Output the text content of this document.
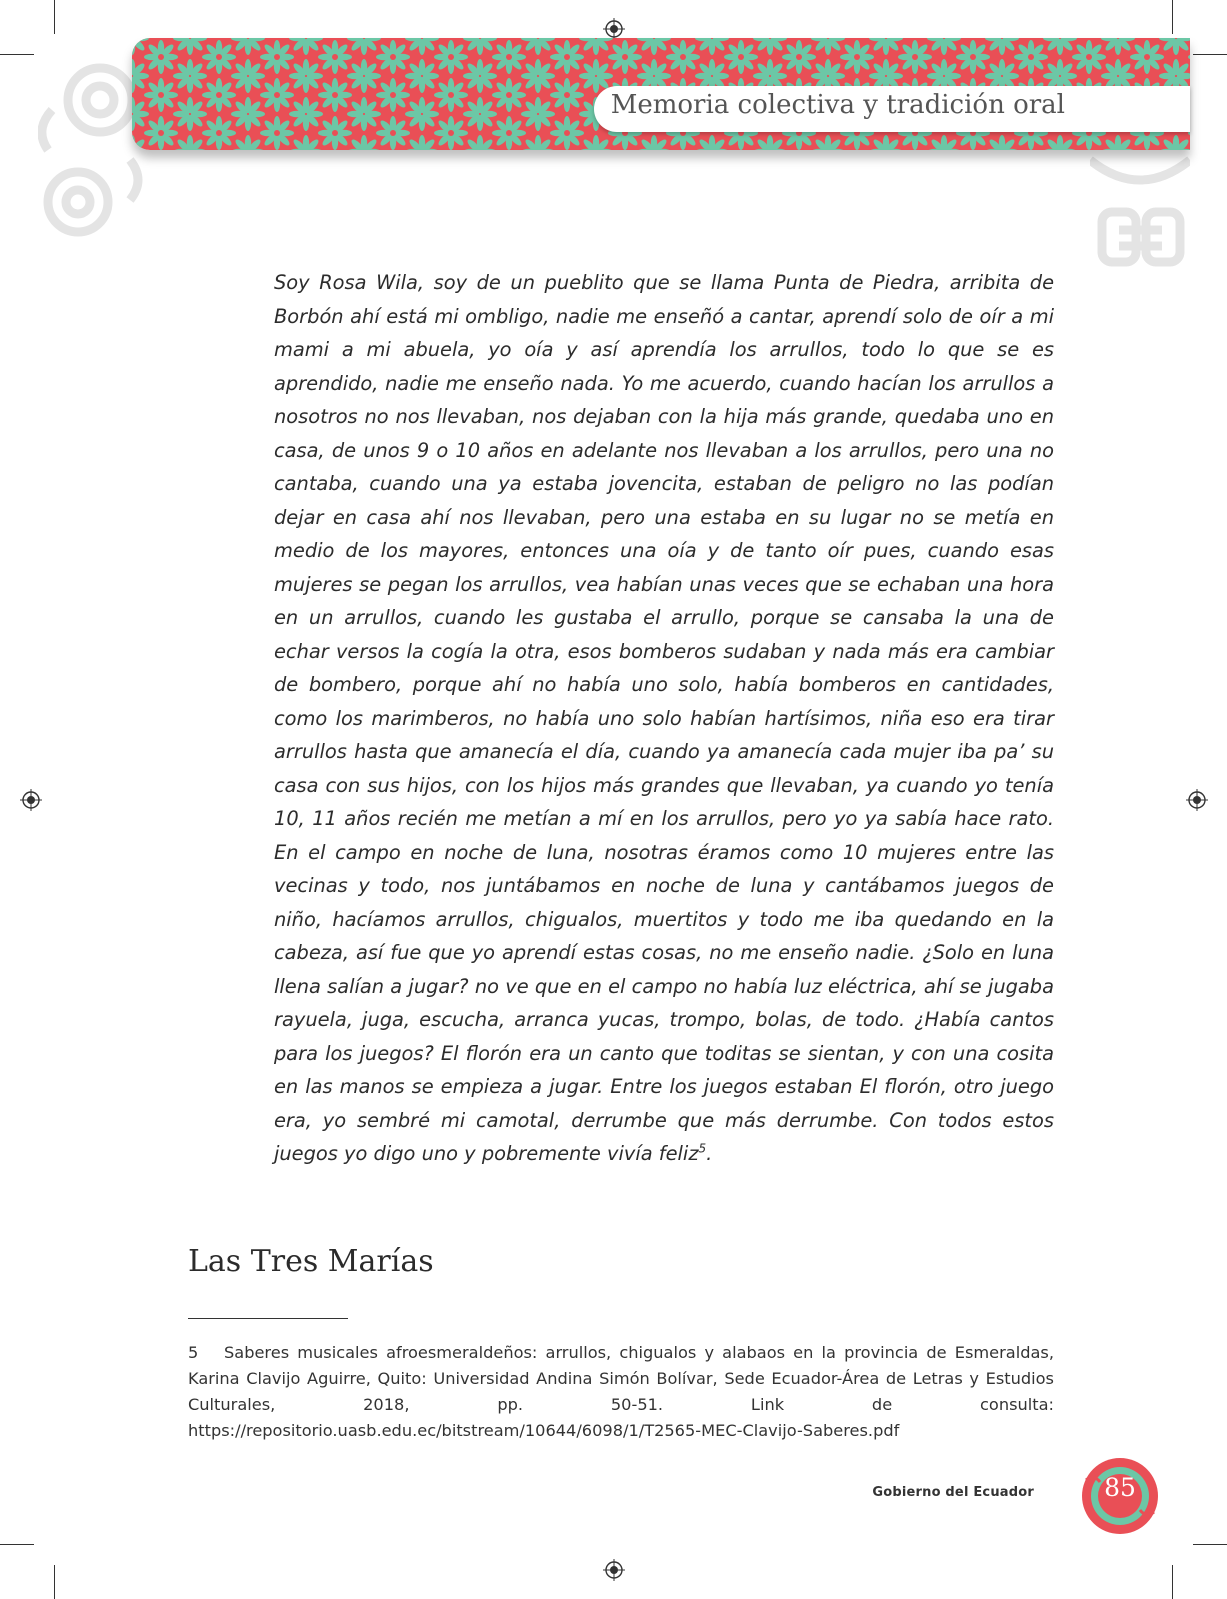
Memoria colectiva y tradición oral

Soy Rosa Wila, soy de un pueblito que se llama Punta de Piedra, arribita de Borbón ahí está mi ombligo, nadie me enseñó a cantar, aprendí solo de oír a mi mami a mi abuela, yo oía y así aprendía los arrullos, todo lo que se es aprendido, nadie me enseño nada. Yo me acuerdo, cuando hacían los arrullos a nosotros no nos llevaban, nos dejaban con la hija más grande, quedaba uno en casa, de unos 9 o 10 años en adelante nos llevaban a los arrullos, pero una no cantaba, cuando una ya estaba jovencita, estaban de peligro no las podían dejar en casa ahí nos llevaban, pero una estaba en su lugar no se metía en medio de los mayores, entonces una oía y de tanto oír pues, cuando esas mujeres se pegan los arrullos, vea habían unas veces que se echaban una hora en un arrullos, cuando les gustaba el arrullo, porque se cansaba la una de echar versos la cogía la otra, esos bomberos sudaban y nada más era cambiar de bombero, porque ahí no había uno solo, había bomberos en cantidades, como los marimberos, no había uno solo habían hartísimos, niña eso era tirar arrullos hasta que amanecía el día, cuando ya amanecía cada mujer iba pa’ su casa con sus hijos, con los hijos más grandes que llevaban, ya cuando yo tenía 10, 11 años recién me metían a mí en los arrullos, pero yo ya sabía hace rato. En el campo en noche de luna, nosotras éramos como 10 mujeres entre las vecinas y todo, nos juntábamos en noche de luna y cantábamos juegos de niño, hacíamos arrullos, chigualos, muertitos y todo me iba quedando en la cabeza, así fue que yo aprendí estas cosas, no me enseño nadie. ¿Solo en luna llena salían a jugar? no ve que en el campo no había luz eléctrica, ahí se jugaba rayuela, juga, escucha, arranca yucas, trompo, bolas, de todo. ¿Había cantos para los juegos? El florón era un canto que toditas se sientan, y con una cosita en las manos se empieza a jugar. Entre los juegos estaban El florón, otro juego era, yo sembré mi camotal, derrumbe que más derrumbe. Con todos estos juegos yo digo uno y pobremente vivía feliz$^5$.

Las Tres Marías

5 Saberes musicales afroesmeraldeños: arrullos, chigualos y alabaos en la provincia de Esmeraldas, Karina Clavijo Aguirre, Quito: Universidad Andina Simón Bolívar, Sede Ecuador-Área de Letras y Estudios Culturales, 2018, pp. 50-51. Link de consulta: https://repositorio.uasb.edu.ec/bitstream/10644/6098/1/T2565-MEC-Clavijo-Saberes.pdf

Gobierno del Ecuador	85
